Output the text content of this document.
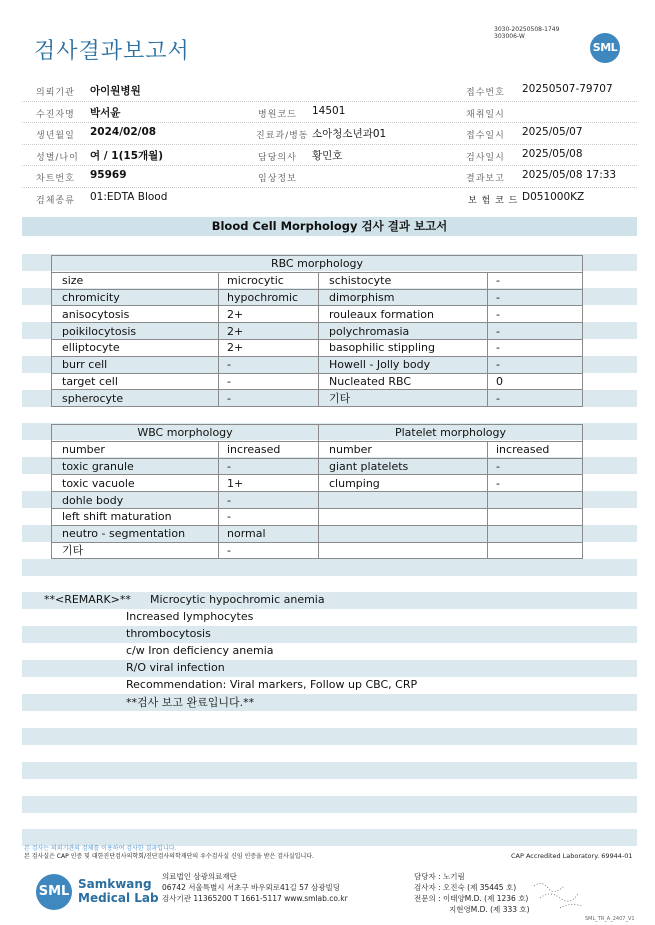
검사결과보고서
3030-20250508-1749
303006-W
SML
의뢰기관 아이원병원	접수번호 20250507-79707
수진자명 박서윤	병원코드 14501	채취일시
생년월일 2024/02/08	진료과/병동 소아청소년과01	접수일시 2025/05/07
성별/나이 여 / 1(15개월)	담당의사 황민호	검사일시 2025/05/08
차트번호 95969	임상정보	결과보고 2025/05/08 17:33
검체종류 01:EDTA Blood	보 험 코 드 D051000KZ
Blood Cell Morphology 검사 결과 보고서
RBC morphology			
size	microcytic	schistocyte	-
chromicity	hypochromic	dimorphism	-
anisocytosis	2+	rouleaux formation	-
poikilocytosis	2+	polychromasia	-
elliptocyte	2+	basophilic stippling	-
burr cell	-	Howell - Jolly body	-
target cell	-	Nucleated RBC	0
spherocyte	-	기타	-
WBC morphology		Platelet morphology	
number	increased	number	increased
toxic granule	-	giant platelets	-
toxic vacuole	1+	clumping	-
dohle body	-		
left shift maturation	-		
neutro - segmentation	normal		
기타	-		
**<REMARK>** Microcytic hypochromic anemia
Increased lymphocytes
thrombocytosis
c/w Iron deficiency anemia
R/O viral infection
Recommendation: Viral markers, Follow up CBC, CRP
**검사 보고 완료입니다.**
본 검사는 의뢰기관의 검체를 이용하여 검사한 결과입니다.
본 검사실은 CAP 인증 및 대한진단검사의학회/진단검사의학재단의 우수검사실 신임 인증을 받은 검사실입니다.	CAP Accredited Laboratory. 69944-01
SML Samkwang
Medical Lab
의료법인 삼광의료재단
06742 서울특별시 서초구 바우뫼로41길 57 삼광빌딩
검사기관 11365200 T 1661-5117 www.smlab.co.kr
담당자 : 노기림
검사자 : 오진숙 (제 35445 호)
전문의 : 이태양M.D. (제 1236 호)
지현영M.D. (제 333 호)
SML_TR_A_2407_V1
